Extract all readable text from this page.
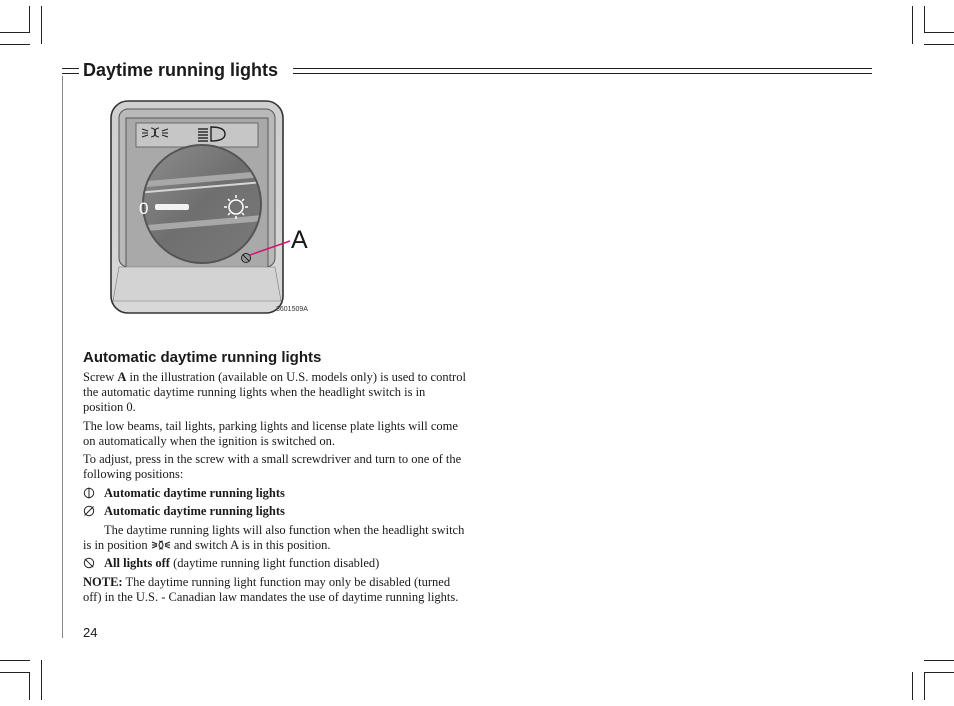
Daytime running lights
0
A
3601509A
Automatic daytime running lights

Screw A in the illustration (available on U.S. models only) is used to control the automatic daytime running lights when the headlight switch is in position 0.

The low beams, tail lights, parking lights and license plate lights will come on automatically when the ignition is switched on.

To adjust, press in the screw with a small screwdriver and turn to one of the following positions:

Automatic daytime running lights
Automatic daytime running lights

The daytime running lights will also function when the headlight switch is in position  and switch A is in this position.

All lights off (daytime running light function disabled)

NOTE: The daytime running light function may only be disabled (turned off) in the U.S. - Canadian law mandates the use of daytime running lights.

24
